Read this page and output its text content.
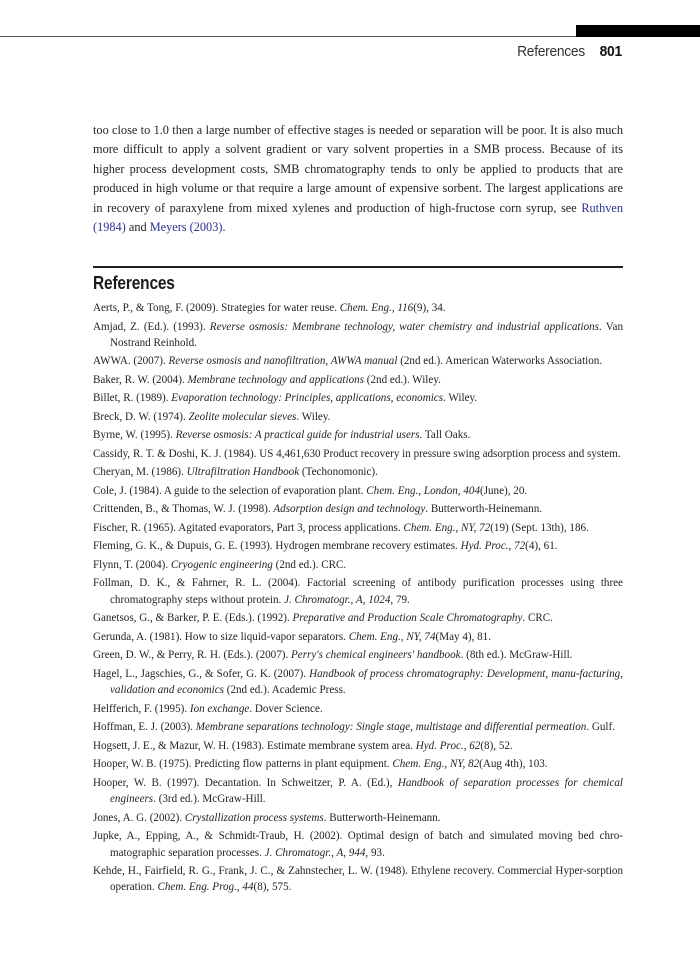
References 801

too close to 1.0 then a large number of effective stages is needed or separation will be poor. It is also much more difficult to apply a solvent gradient or vary solvent properties in a SMB process. Because of its higher process development costs, SMB chromatography tends to only be applied to products that are produced in high volume or that require a large amount of expensive sorbent. The largest applications are in recovery of paraxylene from mixed xylenes and production of high-fructose corn syrup, see Ruthven (1984) and Meyers (2003).

References

Aerts, P., & Tong, F. (2009). Strategies for water reuse. Chem. Eng., 116(9), 34.

Amjad, Z. (Ed.). (1993). Reverse osmosis: Membrane technology, water chemistry and industrial applications. Van Nostrand Reinhold.

AWWA. (2007). Reverse osmosis and nanofiltration, AWWA manual (2nd ed.). American Waterworks Association.

Baker, R. W. (2004). Membrane technology and applications (2nd ed.). Wiley.

Billet, R. (1989). Evaporation technology: Principles, applications, economics. Wiley.

Breck, D. W. (1974). Zeolite molecular sieves. Wiley.

Byrne, W. (1995). Reverse osmosis: A practical guide for industrial users. Tall Oaks.

Cassidy, R. T. & Doshi, K. J. (1984). US 4,461,630 Product recovery in pressure swing adsorption process and system.

Cheryan, M. (1986). Ultrafiltration Handbook (Techonomonic).

Cole, J. (1984). A guide to the selection of evaporation plant. Chem. Eng., London, 404(June), 20.

Crittenden, B., & Thomas, W. J. (1998). Adsorption design and technology. Butterworth-Heinemann.

Fischer, R. (1965). Agitated evaporators, Part 3, process applications. Chem. Eng., NY, 72(19) (Sept. 13th), 186.

Fleming, G. K., & Dupuis, G. E. (1993). Hydrogen membrane recovery estimates. Hyd. Proc., 72(4), 61.

Flynn, T. (2004). Cryogenic engineering (2nd ed.). CRC.

Follman, D. K., & Fahrner, R. L. (2004). Factorial screening of antibody purification processes using three chromatography steps without protein. J. Chromatogr., A, 1024, 79.

Ganetsos, G., & Barker, P. E. (Eds.). (1992). Preparative and Production Scale Chromatography. CRC.

Gerunda, A. (1981). How to size liquid-vapor separators. Chem. Eng., NY, 74(May 4), 81.

Green, D. W., & Perry, R. H. (Eds.). (2007). Perry's chemical engineers' handbook. (8th ed.). McGraw-Hill.

Hagel, L., Jagschies, G., & Sofer, G. K. (2007). Handbook of process chromatography: Development, manu-facturing, validation and economics (2nd ed.). Academic Press.

Helfferich, F. (1995). Ion exchange. Dover Science.

Hoffman, E. J. (2003). Membrane separations technology: Single stage, multistage and differential permeation. Gulf.

Hogsett, J. E., & Mazur, W. H. (1983). Estimate membrane system area. Hyd. Proc., 62(8), 52.

Hooper, W. B. (1975). Predicting flow patterns in plant equipment. Chem. Eng., NY, 82(Aug 4th), 103.

Hooper, W. B. (1997). Decantation. In Schweitzer, P. A. (Ed.), Handbook of separation processes for chemical engineers. (3rd ed.). McGraw-Hill.

Jones, A. G. (2002). Crystallization process systems. Butterworth-Heinemann.

Jupke, A., Epping, A., & Schmidt-Traub, H. (2002). Optimal design of batch and simulated moving bed chro-matographic separation processes. J. Chromatogr., A, 944, 93.

Kehde, H., Fairfield, R. G., Frank, J. C., & Zahnstecher, L. W. (1948). Ethylene recovery. Commercial Hyper-sorption operation. Chem. Eng. Prog., 44(8), 575.
